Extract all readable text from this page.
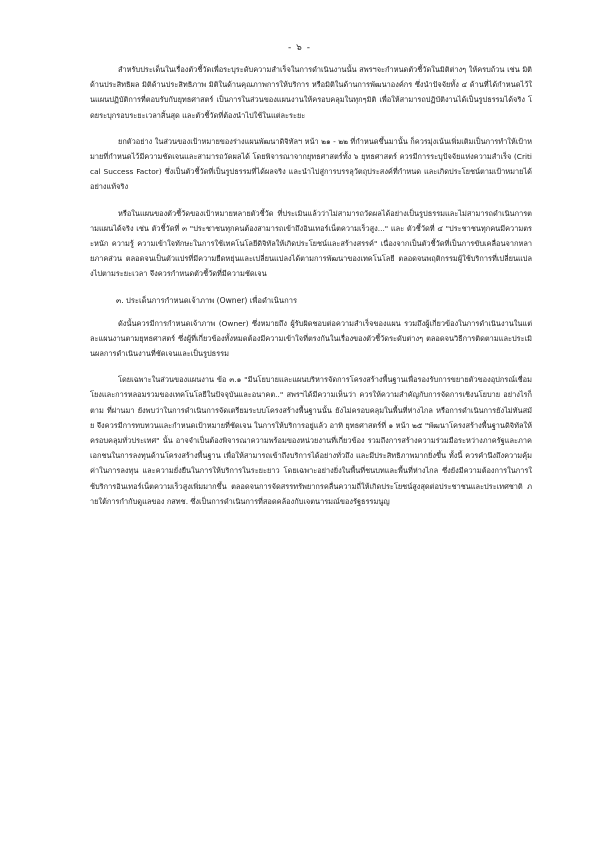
- ๖ -

สำหรับประเด็นในเรื่องตัวชี้วัดเพื่อระบุระดับความสำเร็จในการดำเนินงานนั้น สพรฯจะกำหนดตัวชี้วัดในมิติต่างๆ ให้ครบถ้วน เช่น มิติด้านประสิทธิผล มิติด้านประสิทธิภาพ มิติในด้านคุณภาพการให้บริการ หรือมิติในด้านการพัฒนาองค์กร ซึ่งนำปัจจัยทั้ง ๔ ด้านที่ได้กำหนดไว้ในแผนปฏิบัติการที่ตอบรับกับยุทธศาสตร์ เป็นการในส่วนของแผนงานให้ครอบคลุมในทุกๆมิติ เพื่อให้สามารถปฏิบัติงานได้เป็นรูปธรรมได้จริง โดยระบุกรอบระยะเวลาสิ้นสุด และตัวชี้วัดที่ต้องนำไปใช้ในแต่ละระยะ

ยกตัวอย่าง ในส่วนของเป้าหมายของร่างแผนพัฒนาดิจิทัลฯ หน้า ๒๑ - ๒๒ ที่กำหนดขึ้นมานั้น ก็ควรมุ่งเน้นเพิ่มเติมเป็นการทำให้เป้าหมายที่กำหนดไว้มีความชัดเจนและสามารถวัดผลได้ โดยพิจารณาจากยุทธศาสตร์ทั้ง ๖ ยุทธศาสตร์ ควรมีการระบุปัจจัยแห่งความสำเร็จ (Critical Success Factor) ซึ่งเป็นตัวชี้วัดที่เป็นรูปธรรมที่ได้ผลจริง และนำไปสู่การบรรลุวัตถุประสงค์ที่กำหนด และเกิดประโยชน์ตามเป้าหมายได้อย่างแท้จริง

หรือในแผนของตัวชี้วัดของเป้าหมายหลายตัวชี้วัด ที่ประเมินแล้วว่าไม่สามารถวัดผลได้อย่างเป็นรูปธรรมและไม่สามารถดำเนินการตามแผนได้จริง เช่น ตัวชี้วัดที่ ๓ "ประชาชนทุกคนต้องสามารถเข้าถึงอินเทอร์เน็ตความเร็วสูง..." และ ตัวชี้วัดที่ ๔ "ประชาชนทุกคนมีความตระหนัก ความรู้ ความเข้าใจทักษะในการใช้เทคโนโลยีดิจิทัลให้เกิดประโยชน์และสร้างสรรค์" เนื่องจากเป็นตัวชี้วัดที่เป็นการขับเคลื่อนจากหลายภาคส่วน ตลอดจนเป็นตัวแปรที่มีความยืดหยุ่นและเปลี่ยนแปลงได้ตามการพัฒนาของเทคโนโลยี ตลอดจนพฤติกรรมผู้ใช้บริการที่เปลี่ยนแปลงไปตามระยะเวลา จึงควรกำหนดตัวชี้วัดที่มีความชัดเจน

๓. ประเด็นการกำหนดเจ้าภาพ (Owner) เพื่อดำเนินการ

ดังนั้นควรมีการกำหนดเจ้าภาพ (Owner) ซึ่งหมายถึง ผู้รับผิดชอบต่อความสำเร็จของแผน รวมถึงผู้เกี่ยวข้องในการดำเนินงานในแต่ละแผนงานตามยุทธศาสตร์ ซึ่งผู้ที่เกี่ยวข้องทั้งหมดต้องมีความเข้าใจที่ตรงกันในเรื่องของตัวชี้วัดระดับต่างๆ ตลอดจนวิธีการติดตามและประเมินผลการดำเนินงานที่ชัดเจนและเป็นรูปธรรม

โดยเฉพาะในส่วนของแผนงาน ข้อ ๓.๑ "มีนโยบายและแผนบริหารจัดการโครงสร้างพื้นฐานเพื่อรองรับการขยายตัวของอุปกรณ์เชื่อมโยงและการหลอมรวมของเทคโนโลยีในปัจจุบันและอนาคต.." สพรฯได้มีความเห็นว่า ควรให้ความสำคัญกับการจัดการเชิงนโยบาย อย่างไรก็ตาม ที่ผ่านมา ยังพบว่าในการดำเนินการจัดเตรียมระบบโครงสร้างพื้นฐานนั้น ยังไม่ครอบคลุมในพื้นที่ห่างไกล หรือการดำเนินการยังไม่ทันสมัย จึงควรมีการทบทวนและกำหนดเป้าหมายที่ชัดเจน ในการให้บริการอยู่แล้ว อาทิ ยุทธศาสตร์ที่ ๑ หน้า ๒๕ "พัฒนาโครงสร้างพื้นฐานดิจิทัลให้ครอบคลุมทั่วประเทศ" นั้น อาจจำเป็นต้องพิจารณาความพร้อมของหน่วยงานที่เกี่ยวข้อง รวมถึงการสร้างความร่วมมือระหว่างภาครัฐและภาคเอกชนในการลงทุนด้านโครงสร้างพื้นฐาน เพื่อให้สามารถเข้าถึงบริการได้อย่างทั่วถึง และมีประสิทธิภาพมากยิ่งขึ้น ทั้งนี้ ควรคำนึงถึงความคุ้มค่าในการลงทุน และความยั่งยืนในการให้บริการในระยะยาว โดยเฉพาะอย่างยิ่งในพื้นที่ชนบทและพื้นที่ห่างไกล ซึ่งยังมีความต้องการในการใช้บริการอินเทอร์เน็ตความเร็วสูงเพิ่มมากขึ้น ตลอดจนการจัดสรรทรัพยากรคลื่นความถี่ให้เกิดประโยชน์สูงสุดต่อประชาชนและประเทศชาติ ภายใต้การกำกับดูแลของ กสทช. ซึ่งเป็นการดำเนินการที่สอดคล้องกับเจตนารมณ์ของรัฐธรรมนูญ
